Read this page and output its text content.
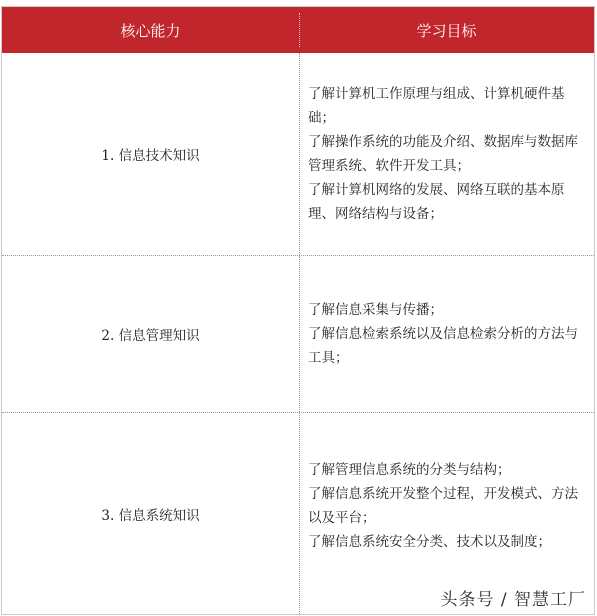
核心能力	学习目标
1. 信息技术知识

了解计算机工作原理与组成、计算机硬件基础；

了解操作系统的功能及介绍、数据库与数据库管理系统、软件开发工具；

了解计算机网络的发展、网络互联的基本原理、网络结构与设备；

2. 信息管理知识

了解信息采集与传播；

了解信息检索系统以及信息检索分析的方法与工具；

3. 信息系统知识

了解管理信息系统的分类与结构；

了解信息系统开发整个过程，开发模式、方法以及平台；

了解信息系统安全分类、技术以及制度；

头条号 / 智慧工厂
